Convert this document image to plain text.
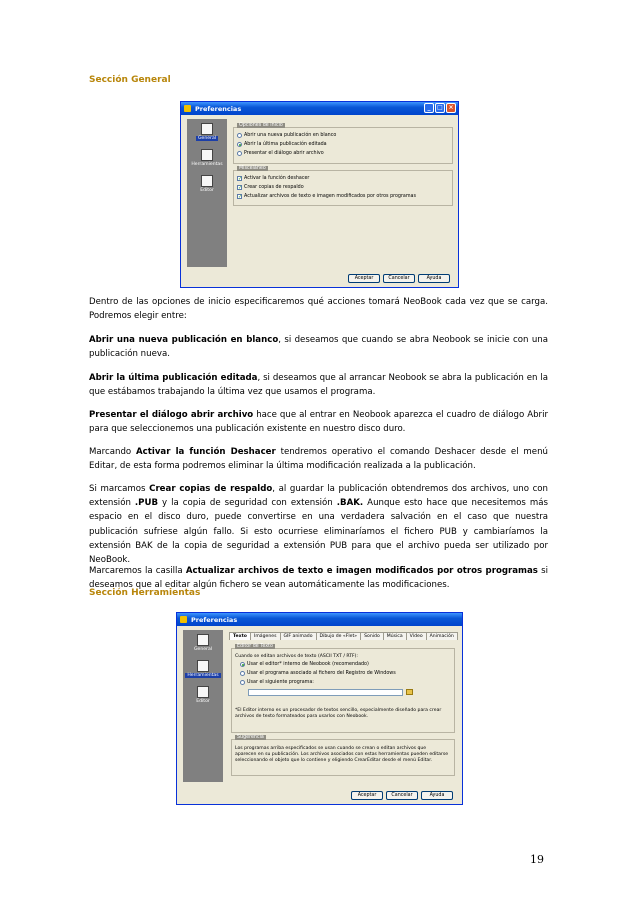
Sección General
Preferencias	_	□ ×
General
Herramientas
Editor
Opciones de inicio
Abrir una nueva publicación en blanco
Abrir la última publicación editada
Presentar el diálogo abrir archivo
Misceláneo
✓ Activar la función deshacer
✓ Crear copias de respaldo
✓ Actualizar archivos de texto e imagen modificados por otros programas
Aceptar	Cancelar	Ayuda

Dentro de las opciones de inicio especificaremos qué acciones tomará NeoBook cada vez que se carga. Podremos elegir entre:

Abrir una nueva publicación en blanco, si deseamos que cuando se abra Neobook se inicie con una publicación nueva.

Abrir la última publicación editada, si deseamos que al arrancar Neobook se abra la publicación en la que estábamos trabajando la última vez que usamos el programa.

Presentar el diálogo abrir archivo hace que al entrar en Neobook aparezca el cuadro de diálogo Abrir para que seleccionemos una publicación existente en nuestro disco duro.

Marcando Activar la función Deshacer tendremos operativo el comando Deshacer desde el menú Editar, de esta forma podremos eliminar la última modificación realizada a la publicación.

Si marcamos Crear copias de respaldo, al guardar la publicación obtendremos dos archivos, uno con extensión .PUB y la copia de seguridad con extensión .BAK. Aunque esto hace que necesitemos más espacio en el disco duro, puede convertirse en una verdadera salvación en el caso que nuestra publicación sufriese algún fallo. Si esto ocurriese eliminaríamos el fichero PUB y cambiaríamos la extensión BAK de la copia de seguridad a extensión PUB para que el archivo pueda ser utilizado por NeoBook.

Marcaremos la casilla Actualizar archivos de texto e imagen modificados por otros programas si deseamos que al editar algún fichero se vean automáticamente las modificaciones.

Sección Herramientas
Preferencias
General
Herramientas
Editor
Texto	Imágenes	GIF animado	Dibujo de «Flet»	Sonido	Música	Vídeo	Animación
Editor de Texto
Cuando se editan archivos de texto (ASCII TXT / RTF):
Usar el editor* interno de Neobook (recomendado)
Usar el programa asociado al fichero del Registro de Windows
Usar el siguiente programa:
*El Editor interno es un procesador de textos sencillo, especialmente diseñado para crear archivos de texto formateados para usarlos con Neobook.
Sugerencia
Los programas arriba especificados se usan cuando se crean o editan archivos que aparecen en su publicación. Los archivos asociados con estas herramientas pueden editarse seleccionando el objeto que lo contiene y eligiendo CrearEditar desde el menú Editar.
Aceptar	Cancelar	Ayuda
19
